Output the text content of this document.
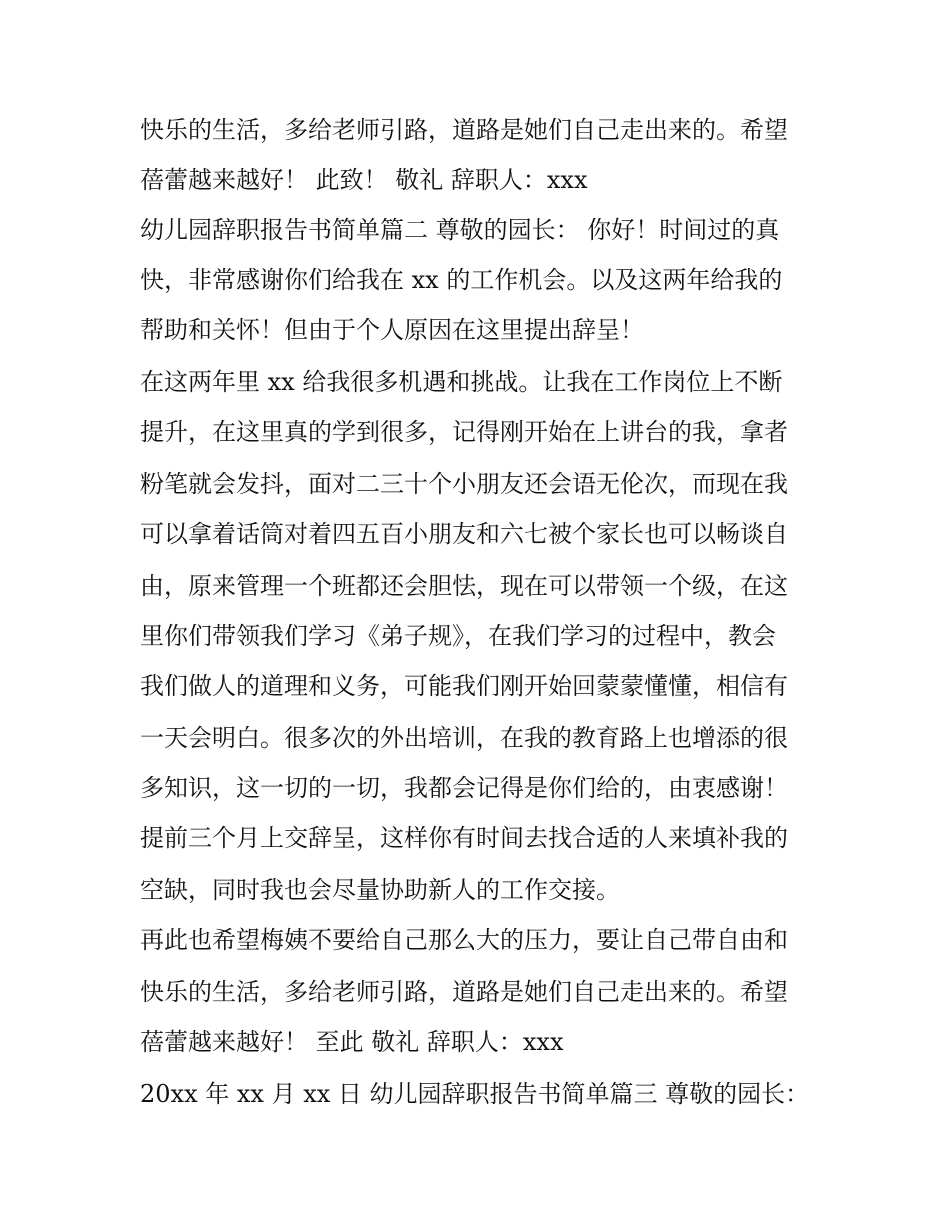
快乐的生活，多给老师引路，道路是她们自己走出来的。希望
蓓蕾越来越好！ 此致！ 敬礼 辞职人：xxx
幼儿园辞职报告书简单篇二 尊敬的园长： 你好！时间过的真
快，非常感谢你们给我在 xx 的工作机会。以及这两年给我的
帮助和关怀！但由于个人原因在这里提出辞呈！
在这两年里 xx 给我很多机遇和挑战。让我在工作岗位上不断
提升，在这里真的学到很多，记得刚开始在上讲台的我，拿者
粉笔就会发抖，面对二三十个小朋友还会语无伦次，而现在我
可以拿着话筒对着四五百小朋友和六七被个家长也可以畅谈自
由，原来管理一个班都还会胆怯，现在可以带领一个级，在这
里你们带领我们学习《弟子规》，在我们学习的过程中，教会
我们做人的道理和义务，可能我们刚开始回蒙蒙懂懂，相信有
一天会明白。很多次的外出培训，在我的教育路上也增添的很
多知识，这一切的一切，我都会记得是你们给的，由衷感谢！
提前三个月上交辞呈，这样你有时间去找合适的人来填补我的
空缺，同时我也会尽量协助新人的工作交接。
再此也希望梅姨不要给自己那么大的压力，要让自己带自由和
快乐的生活，多给老师引路，道路是她们自己走出来的。希望
蓓蕾越来越好！ 至此 敬礼 辞职人：xxx
20xx 年 xx 月 xx 日 幼儿园辞职报告书简单篇三 尊敬的园长：
